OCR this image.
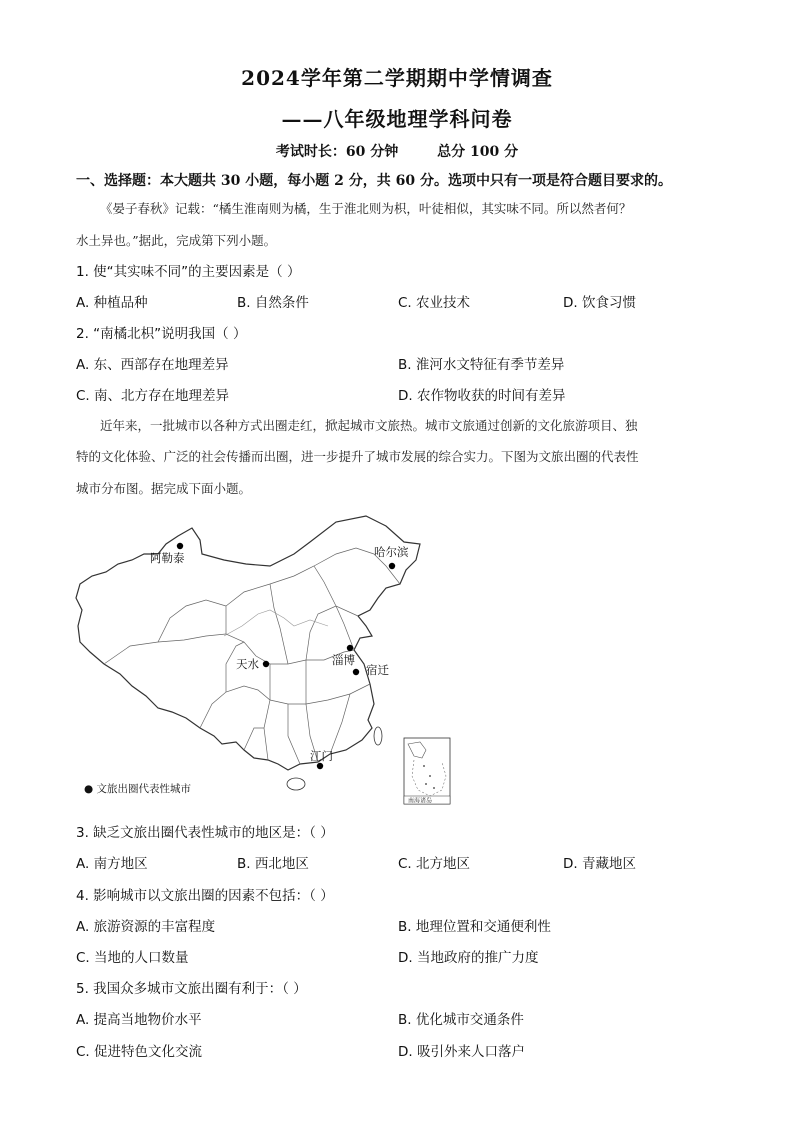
2024学年第二学期期中学情调查
——八年级地理学科问卷
考试时长：60 分钟	总分 100 分
一、选择题：本大题共 30 小题，每小题 2 分，共 60 分。选项中只有一项是符合题目要求的。
《晏子春秋》记载：“橘生淮南则为橘，生于淮北则为枳，叶徒相似，其实味不同。所以然者何？
水土异也。”据此，完成第下列小题。
1. 使“其实味不同”的主要因素是（ ）
A. 种植品种	B. 自然条件	C. 农业技术	D. 饮食习惯
2. “南橘北枳”说明我国（ ）
A. 东、西部存在地理差异	B. 淮河水文特征有季节差异
C. 南、北方存在地理差异	D. 农作物收获的时间有差异
近年来，一批城市以各种方式出圈走红，掀起城市文旅热。城市文旅通过创新的文化旅游项目、独
特的文化体验、广泛的社会传播而出圈，进一步提升了城市发展的综合实力。下图为文旅出圈的代表性
城市分布图。据完成下面小题。
阿勒泰	哈尔滨
天水	淄博
宿迁
江门
● 文旅出圈代表性城市
南海诸岛
3. 缺乏文旅出圈代表性城市的地区是：（ ）
A. 南方地区	B. 西北地区	C. 北方地区	D. 青藏地区
4. 影响城市以文旅出圈的因素不包括：（ ）
A. 旅游资源的丰富程度	B. 地理位置和交通便利性
C. 当地的人口数量	D. 当地政府的推广力度
5. 我国众多城市文旅出圈有利于：（ ）
A. 提高当地物价水平	B. 优化城市交通条件
C. 促进特色文化交流	D. 吸引外来人口落户
